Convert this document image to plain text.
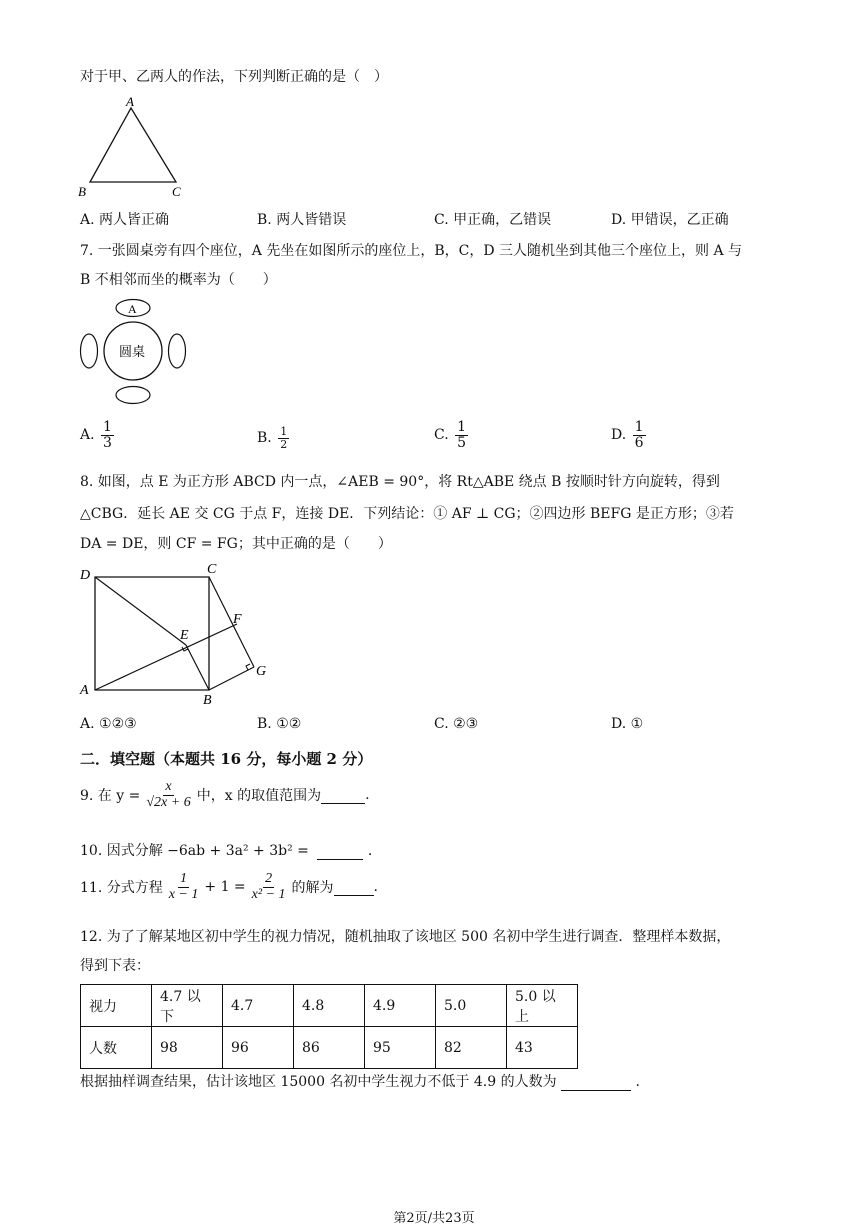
对于甲、乙两人的作法，下列判断正确的是（　）
A
B	C
A. 两人皆正确	B. 两人皆错误	C. 甲正确，乙错误	D. 甲错误，乙正确
7. 一张圆桌旁有四个座位，A 先坐在如图所示的座位上，B，C，D 三人随机坐到其他三个座位上，则 A 与
B 不相邻而坐的概率为（　　）
A
圆桌
A. $\frac{1}{3}$	B. $\frac{1}{2}$	C. $\frac{1}{5}$	D. $\frac{1}{6}$
8. 如图，点 E 为正方形 ABCD 内一点，∠AEB = 90°，将 Rt△ABE 绕点 B 按顺时针方向旋转，得到
△CBG．延长 AE 交 CG 于点 F，连接 DE．下列结论：① AF ⊥ CG；②四边形 BEFG 是正方形；③若
DA = DE，则 CF = FG；其中正确的是（　　）
D	C
E
F
G
A
B
A. ①②③	B. ①②	C. ②③	D. ①
二．填空题（本题共 16 分，每小题 2 分）
9. 在 $y = \frac{x}{√2x + 6}$ 中，x 的取值范围为
	.
10. 因式分解 −6ab + 3a² + 3b² =	.
11. 分式方程 $\frac{1}{x - 1} + 1 = \frac{2}{\text{x² − 1}}$ 的解为
	.
12. 为了了解某地区初中学生的视力情况，随机抽取了该地区 500 名初中学生进行调查．整理样本数据，
得到下表：
视力	4.7 以下	4.7	4.8	4.9	5.0	5.0 以上
人数	98	96	86	95	82	43
根据抽样调查结果，估计该地区 15000 名初中学生视力不低于 4.9 的人数为	.
第2页/共23页
